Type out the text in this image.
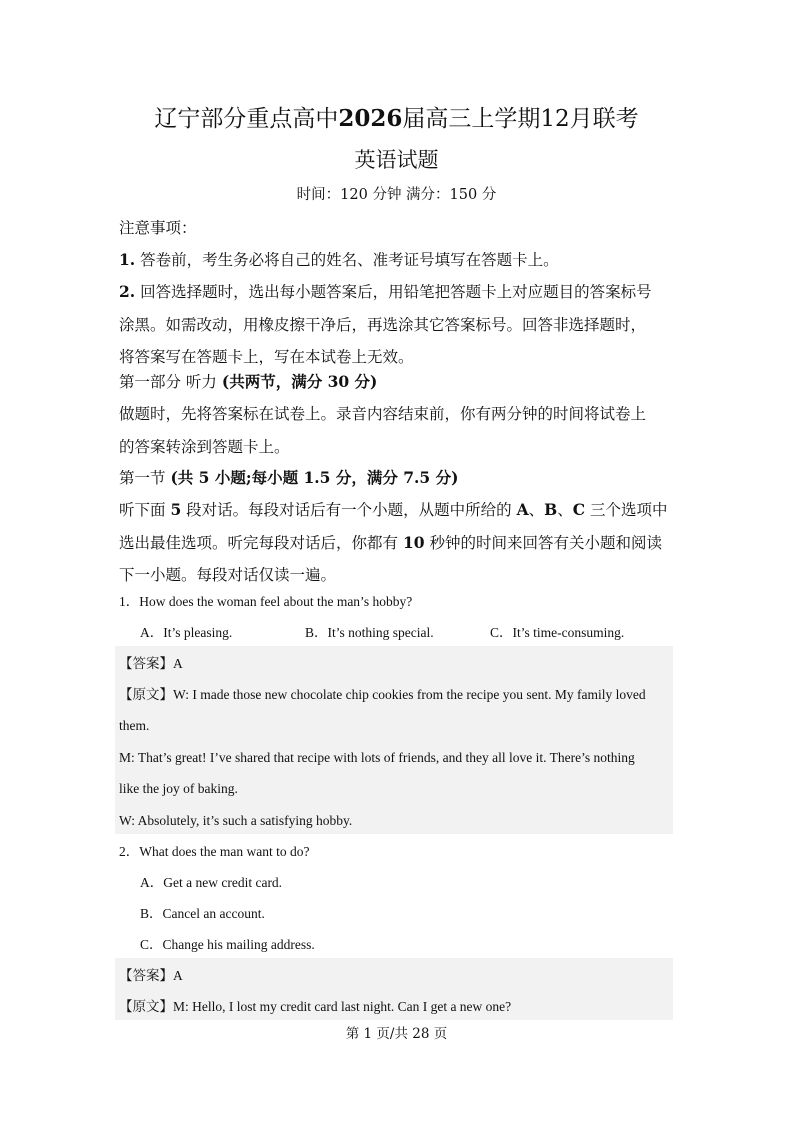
辽宁部分重点高中2026届高三上学期12月联考
英语试题
时间：120 分钟 满分：150 分
注意事项：
1. 答卷前，考生务必将自己的姓名、准考证号填写在答题卡上。
2. 回答选择题时，选出每小题答案后，用铅笔把答题卡上对应题目的答案标号
涂黑。如需改动，用橡皮擦干净后，再选涂其它答案标号。回答非选择题时，
将答案写在答题卡上，写在本试卷上无效。
第一部分 听力 (共两节，满分 30 分)
做题时，先将答案标在试卷上。录音内容结束前，你有两分钟的时间将试卷上
的答案转涂到答题卡上。
第一节 (共 5 小题;每小题 1.5 分，满分 7.5 分)
听下面 5 段对话。每段对话后有一个小题，从题中所给的 A、B、C 三个选项中
选出最佳选项。听完每段对话后，你都有 10 秒钟的时间来回答有关小题和阅读
下一小题。每段对话仅读一遍。
1．How does the woman feel about the man’s hobby?
A．It’s pleasing.	B．It’s nothing special.	C．It’s time-consuming.
【答案】A
【原文】W: I made those new chocolate chip cookies from the recipe you sent. My family loved
them.
M: That’s great! I’ve shared that recipe with lots of friends, and they all love it. There’s nothing
like the joy of baking.
W: Absolutely, it’s such a satisfying hobby.
2．What does the man want to do?
A．Get a new credit card.
B．Cancel an account.
C．Change his mailing address.
【答案】A
【原文】M: Hello, I lost my credit card last night. Can I get a new one?
第 1 页/共 28 页
